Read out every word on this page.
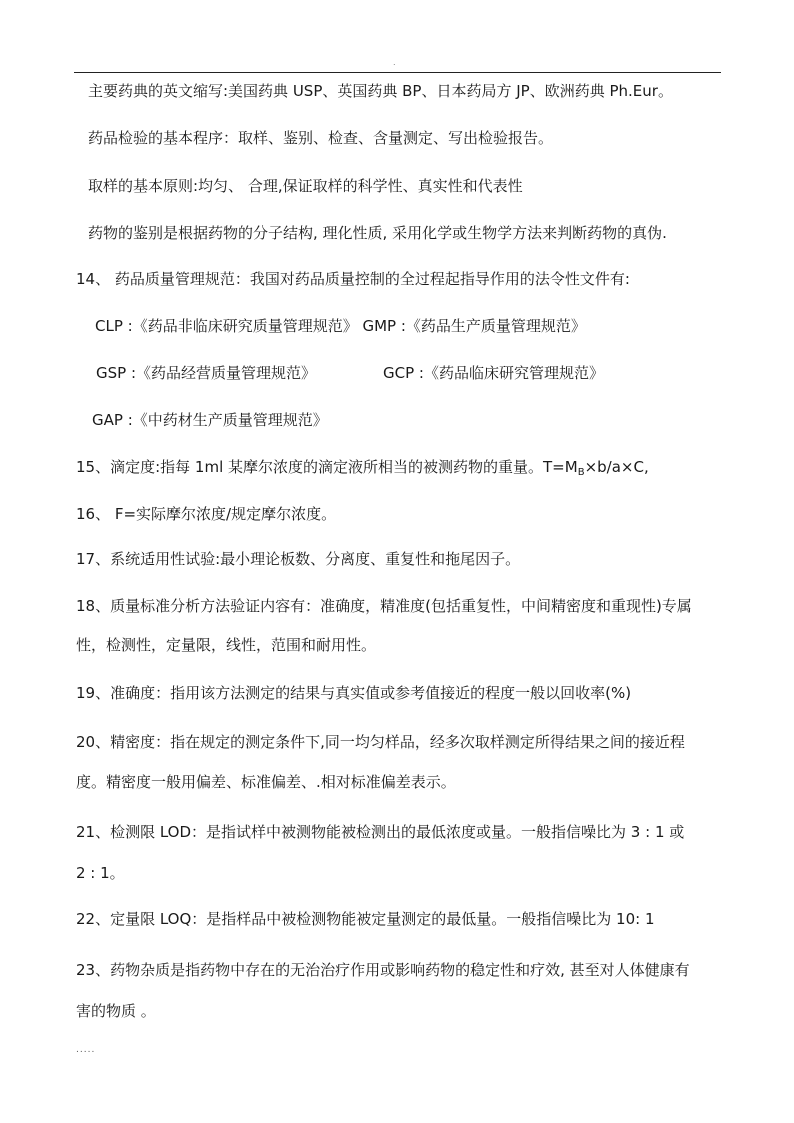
.
主要药典的英文缩写:美国药典 USP、英国药典 BP、日本药局方 JP、欧洲药典 Ph.Eur。
药品检验的基本程序：取样、鉴别、检查、含量测定、写出检验报告。
取样的基本原则:均匀、 合理,保证取样的科学性、真实性和代表性
药物的鉴别是根据药物的分子结构, 理化性质, 采用化学或生物学方法来判断药物的真伪.
14、 药品质量管理规范：我国对药品质量控制的全过程起指导作用的法令性文件有:
CLP :《药品非临床研究质量管理规范》 GMP :《药品生产质量管理规范》
GSP :《药品经营质量管理规范》	GCP :《药品临床研究管理规范》
GAP :《中药材生产质量管理规范》
15、滴定度:指每 1ml 某摩尔浓度的滴定液所相当的被测药物的重量。$T=M_B\times b/a\times C$,
16、 F=实际摩尔浓度/规定摩尔浓度。
17、系统适用性试验:最小理论板数、分离度、重复性和拖尾因子。
18、质量标准分析方法验证内容有：准确度，精准度(包括重复性，中间精密度和重现性)专属
性，检测性，定量限，线性，范围和耐用性。
19、准确度：指用该方法测定的结果与真实值或参考值接近的程度一般以回收率(%)
20、精密度：指在规定的测定条件下,同一均匀样品，经多次取样测定所得结果之间的接近程
度。精密度一般用偏差、标准偏差、.相对标准偏差表示。
21、检测限 LOD：是指试样中被测物能被检测出的最低浓度或量。一般指信噪比为 3 : 1 或
2 : 1。
22、定量限 LOQ：是指样品中被检测物能被定量测定的最低量。一般指信噪比为 10: 1
23、药物杂质是指药物中存在的无治治疗作用或影响药物的稳定性和疗效, 甚至对人体健康有
害的物质 。
.....
